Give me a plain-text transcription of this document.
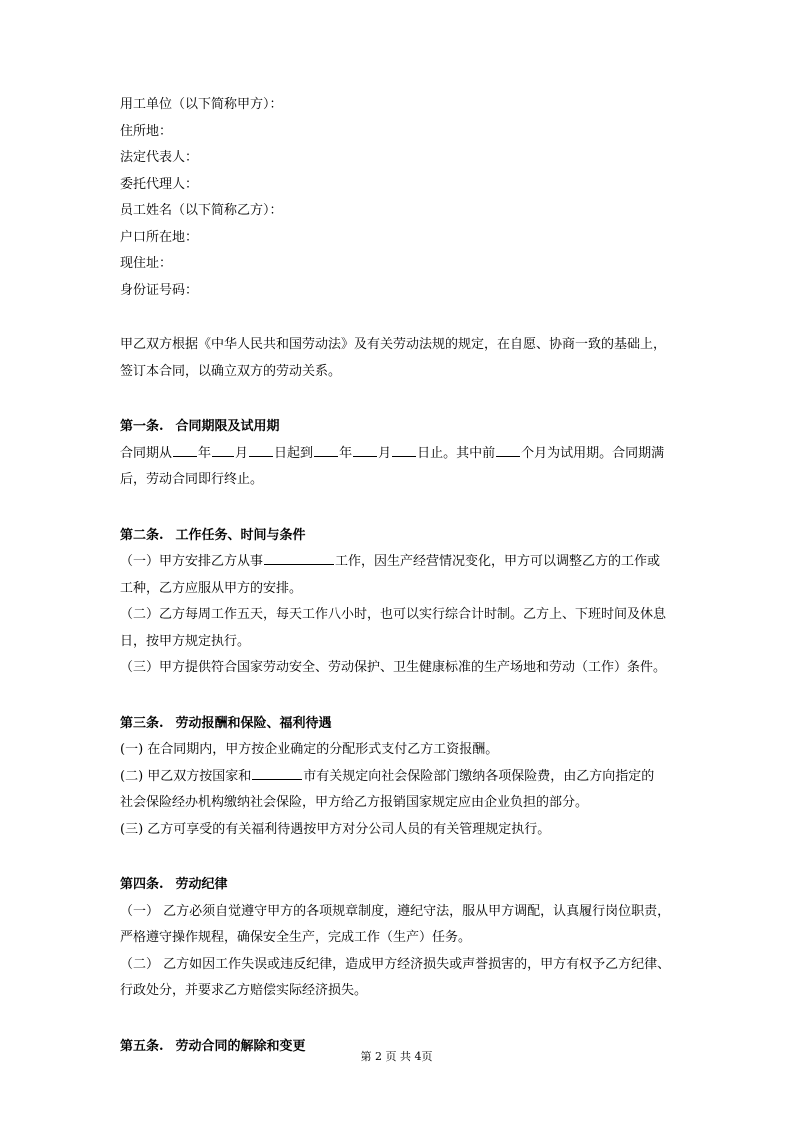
用工单位（以下简称甲方）：
住所地：
法定代表人：
委托代理人：
员工姓名（以下简称乙方）：
户口所在地：
现住址：
身份证号码：
甲乙双方根据《中华人民共和国劳动法》及有关劳动法规的规定，在自愿、协商一致的基础上，
签订本合同，以确立双方的劳动关系。
第一条. 合同期限及试用期
合同期从 年 月 日起到 年 月 日止。其中前 个月为试用期。合同期满
后，劳动合同即行终止。
第二条. 工作任务、时间与条件
（一）甲方安排乙方从事	工作，因生产经营情况变化，甲方可以调整乙方的工作或
工种，乙方应服从甲方的安排。
（二）乙方每周工作五天，每天工作八小时，也可以实行综合计时制。乙方上、下班时间及休息
日，按甲方规定执行。
（三）甲方提供符合国家劳动安全、劳动保护、卫生健康标准的生产场地和劳动（工作）条件。
第三条. 劳动报酬和保险、福利待遇
(一) 在合同期内，甲方按企业确定的分配形式支付乙方工资报酬。
(二) 甲乙双方按国家和	市有关规定向社会保险部门缴纳各项保险费，由乙方向指定的
社会保险经办机构缴纳社会保险，甲方给乙方报销国家规定应由企业负担的部分。
(三) 乙方可享受的有关福利待遇按甲方对分公司人员的有关管理规定执行。
第四条. 劳动纪律
（一） 乙方必须自觉遵守甲方的各项规章制度，遵纪守法，服从甲方调配，认真履行岗位职责，
严格遵守操作规程，确保安全生产，完成工作（生产）任务。
（二） 乙方如因工作失误或违反纪律，造成甲方经济损失或声誉损害的，甲方有权予乙方纪律、
行政处分，并要求乙方赔偿实际经济损失。
第五条. 劳动合同的解除和变更
第 2 页 共 4页
